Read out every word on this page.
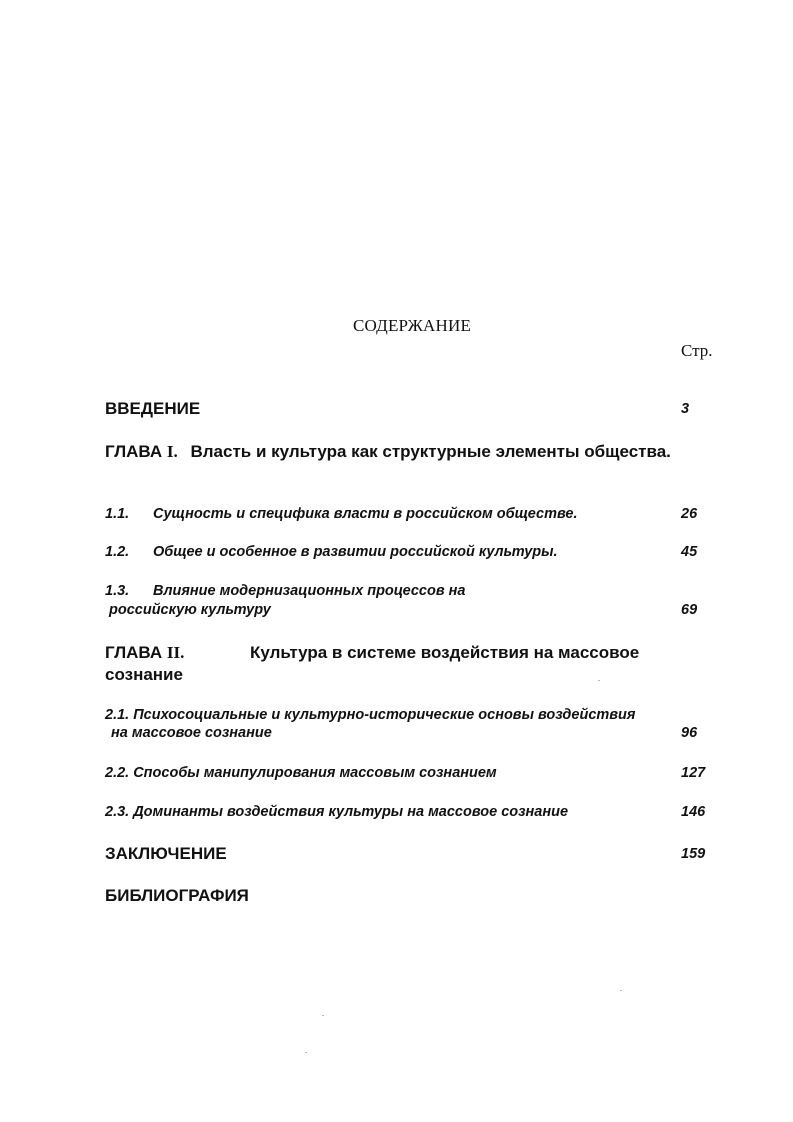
СОДЕРЖАНИЕ
Стр.
ВВЕДЕНИЕ	3
ГЛАВА I. Власть и культура как структурные элементы общества.
1.1. Сущность и специфика власти в российском обществе.	26
1.2. Общее и особенное в развитии российской культуры.	45
1.3. Влияние модернизационных процессов на
российскую культуру	69
ГЛАВА II.	Культура в системе воздействия на массовое
сознание
2.1. Психосоциальные и культурно-исторические основы воздействия
на массовое сознание	96
2.2. Способы манипулирования массовым сознанием	127
2.3. Доминанты воздействия культуры на массовое сознание	146
ЗАКЛЮЧЕНИЕ	159
БИБЛИОГРАФИЯ
